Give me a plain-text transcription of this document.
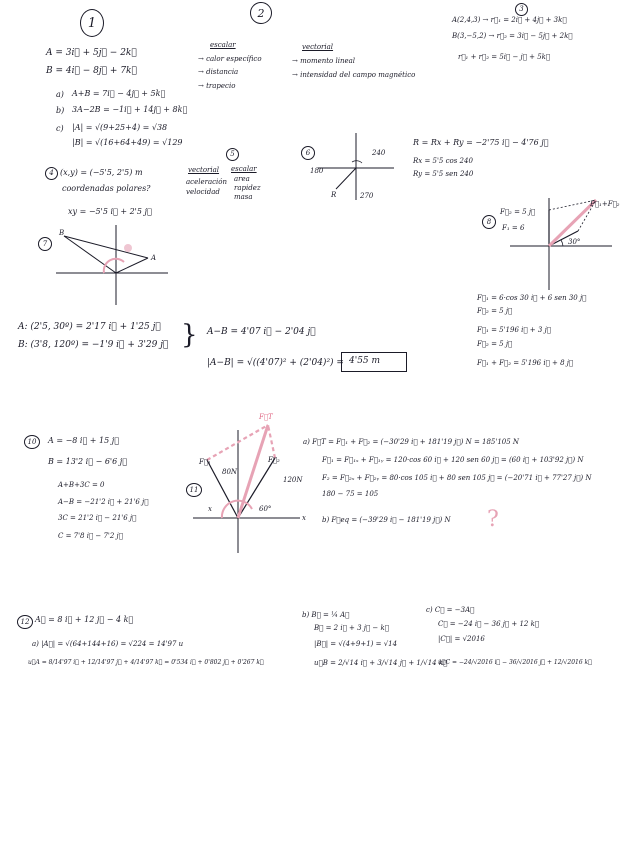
1
A = 3i⃗ + 5j⃗ − 2k⃗
B = 4i⃗ − 8j⃗ + 7k⃗
a) A+B = 7i⃗ − 4j⃗ + 5k⃗
b) 3A−2B = −1i⃗ + 14j⃗ + 8k⃗
c) |A| = √(9+25+4) = √38
|B| = √(16+64+49) = √129
2
escalar
→ calor específico
→ distancia
→ trapecio
vectorial
→ momento lineal
→ intensidad del campo magnético
3
A(2,4,3) → r⃗₁ = 2i⃗ + 4j⃗ + 3k⃗
B(3,−5,2) → r⃗₂ = 3i⃗ − 5j⃗ + 2k⃗
r⃗₁ + r⃗₂ = 5i⃗ − j⃗ + 5k⃗
4 (x,y) = (−5'5, 2'5) m
coordenadas polares?
xy = −5'5 i⃗ + 2'5 j⃗
5
vectorial escalar
aceleración
velocidad
area
rapidez
masa
6	240
180
270
R
R = Rx + Ry = −2'75 i⃗ − 4'76 j⃗
Rx = 5'5 cos 240
Ry = 5'5 sen 240
7
B
A
A: (2'5, 30º) = 2'17 i⃗ + 1'25 j⃗
B: (3'8, 120º) = −1'9 i⃗ + 3'29 j⃗ } A−B = 4'07 i⃗ − 2'04 j⃗
|A−B| = √((4'07)² + (2'04)²) = 4'55 m
8
F⃗₂ = 5 j⃗
F₁ = 6
F⃗₁+F⃗₂
30°
F⃗₁ = 6·cos 30 i⃗ + 6 sen 30 j⃗
F⃗₂ = 5 j⃗
F⃗₁ = 5'196 i⃗ + 3 j⃗
F⃗₂ = 5 j⃗
F⃗₁ + F⃗₂ = 5'196 i⃗ + 8 j⃗
10 A = −8 i⃗ + 15 j⃗
B = 13'2 i⃗ − 6'6 j⃗
A+B+3C = 0
A−B = −21'2 i⃗ + 21'6 j⃗
3C = 21'2 i⃗ − 21'6 j⃗
C = 7'8 i⃗ − 7'2 j⃗
11
F⃗T
F⃗₁	F⃗₂
80N
120N
x	60°
x
a) F⃗T = F⃗₁ + F⃗₂ = (−30'29 i⃗ + 181'19 j⃗) N = 185'105 N
F⃗₁ = F⃗₁ₓ + F⃗₁ᵧ = 120·cos 60 i⃗ + 120 sen 60 j⃗ = (60 i⃗ + 103'92 j⃗) N
F₂ = F⃗₂ₓ + F⃗₂ᵧ = 80·cos 105 i⃗ + 80 sen 105 j⃗ = (−20'71 i⃗ + 77'27 j⃗) N
180 − 75 = 105
b) F⃗eq = (−39'29 i⃗ − 181'19 j⃗) N ?
12 A⃗ = 8 i⃗ + 12 j⃗ − 4 k⃗
a) |A⃗| = √(64+144+16) = √224 = 14'97 u
u⃗A = 8/14'97 i⃗ + 12/14'97 j⃗ + 4/14'97 k⃗ = 0'534 i⃗ + 0'802 j⃗ + 0'267 k⃗
b) B⃗ = ¼ A⃗
B⃗ = 2 i⃗ + 3 j⃗ − k⃗
|B⃗| = √(4+9+1) = √14
u⃗B = 2/√14 i⃗ + 3/√14 j⃗ + 1/√14 k⃗
c) C⃗ = −3A⃗
C⃗ = −24 i⃗ − 36 j⃗ + 12 k⃗
|C⃗| = √2016
u⃗C = −24/√2016 i⃗ − 36/√2016 j⃗ + 12/√2016 k⃗
